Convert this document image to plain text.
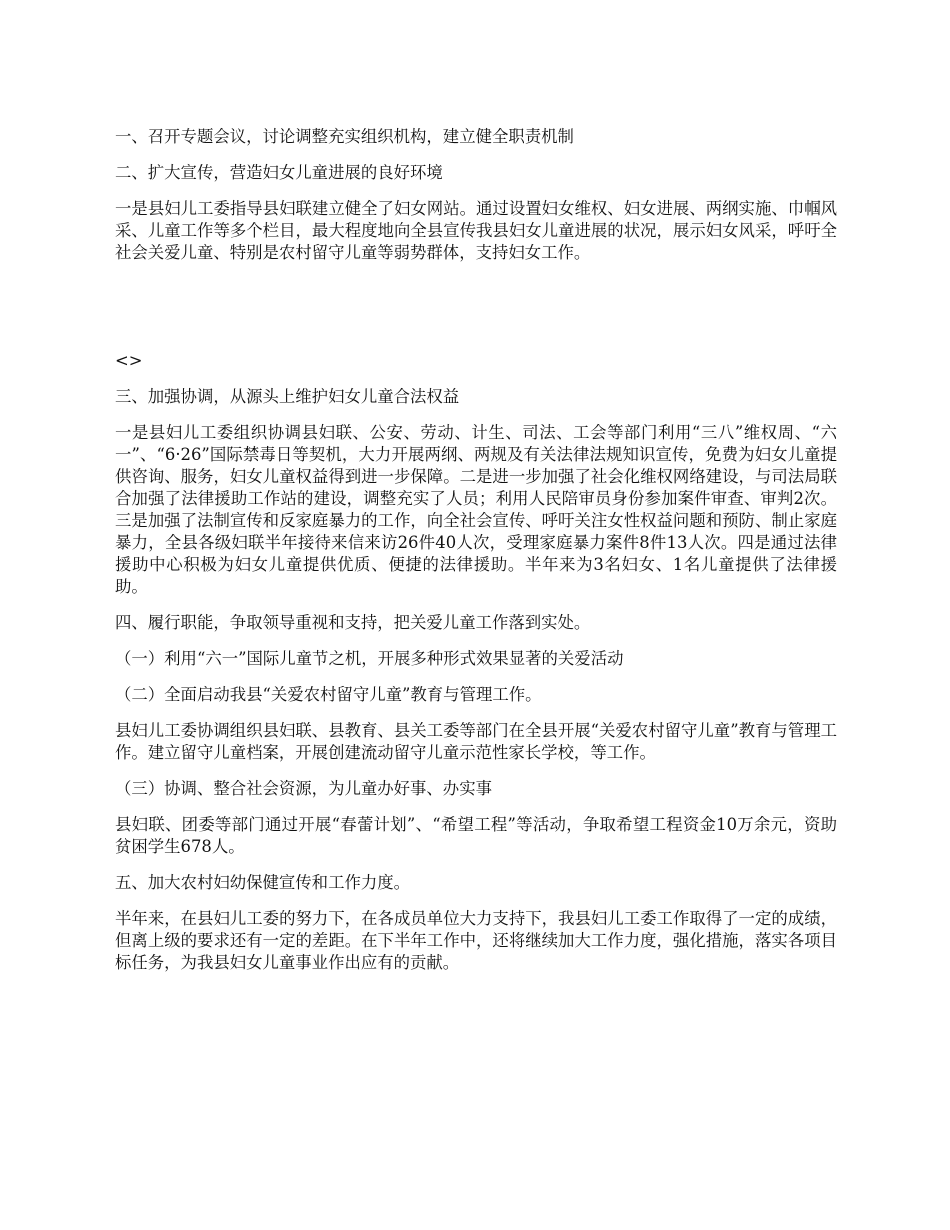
一、召开专题会议，讨论调整充实组织机构，建立健全职责机制

二、扩大宣传，营造妇女儿童进展的良好环境

一是县妇儿工委指导县妇联建立健全了妇女网站。通过设置妇女维权、妇女进展、两纲实施、巾帼风采、儿童工作等多个栏目，最大程度地向全县宣传我县妇女儿童进展的状况，展示妇女风采，呼吁全社会关爱儿童、特别是农村留守儿童等弱势群体，支持妇女工作。

<>

三、加强协调，从源头上维护妇女儿童合法权益

一是县妇儿工委组织协调县妇联、公安、劳动、计生、司法、工会等部门利用“三八”维权周、“六一”、“6·26”国际禁毒日等契机，大力开展两纲、两规及有关法律法规知识宣传，免费为妇女儿童提供咨询、服务，妇女儿童权益得到进一步保障。二是进一步加强了社会化维权网络建设，与司法局联合加强了法律援助工作站的建设，调整充实了人员；利用人民陪审员身份参加案件审查、审判2次。三是加强了法制宣传和反家庭暴力的工作，向全社会宣传、呼吁关注女性权益问题和预防、制止家庭暴力，全县各级妇联半年接待来信来访26件40人次，受理家庭暴力案件8件13人次。四是通过法律援助中心积极为妇女儿童提供优质、便捷的法律援助。半年来为3名妇女、1名儿童提供了法律援助。

四、履行职能，争取领导重视和支持，把关爱儿童工作落到实处。

（一）利用“六一”国际儿童节之机，开展多种形式效果显著的关爱活动

（二）全面启动我县“关爱农村留守儿童”教育与管理工作。

县妇儿工委协调组织县妇联、县教育、县关工委等部门在全县开展“关爱农村留守儿童”教育与管理工作。建立留守儿童档案，开展创建流动留守儿童示范性家长学校，等工作。

（三）协调、整合社会资源，为儿童办好事、办实事

县妇联、团委等部门通过开展“春蕾计划”、“希望工程”等活动，争取希望工程资金10万余元，资助贫困学生678人。

五、加大农村妇幼保健宣传和工作力度。

半年来，在县妇儿工委的努力下，在各成员单位大力支持下，我县妇儿工委工作取得了一定的成绩，但离上级的要求还有一定的差距。在下半年工作中，还将继续加大工作力度，强化措施，落实各项目标任务，为我县妇女儿童事业作出应有的贡献。
